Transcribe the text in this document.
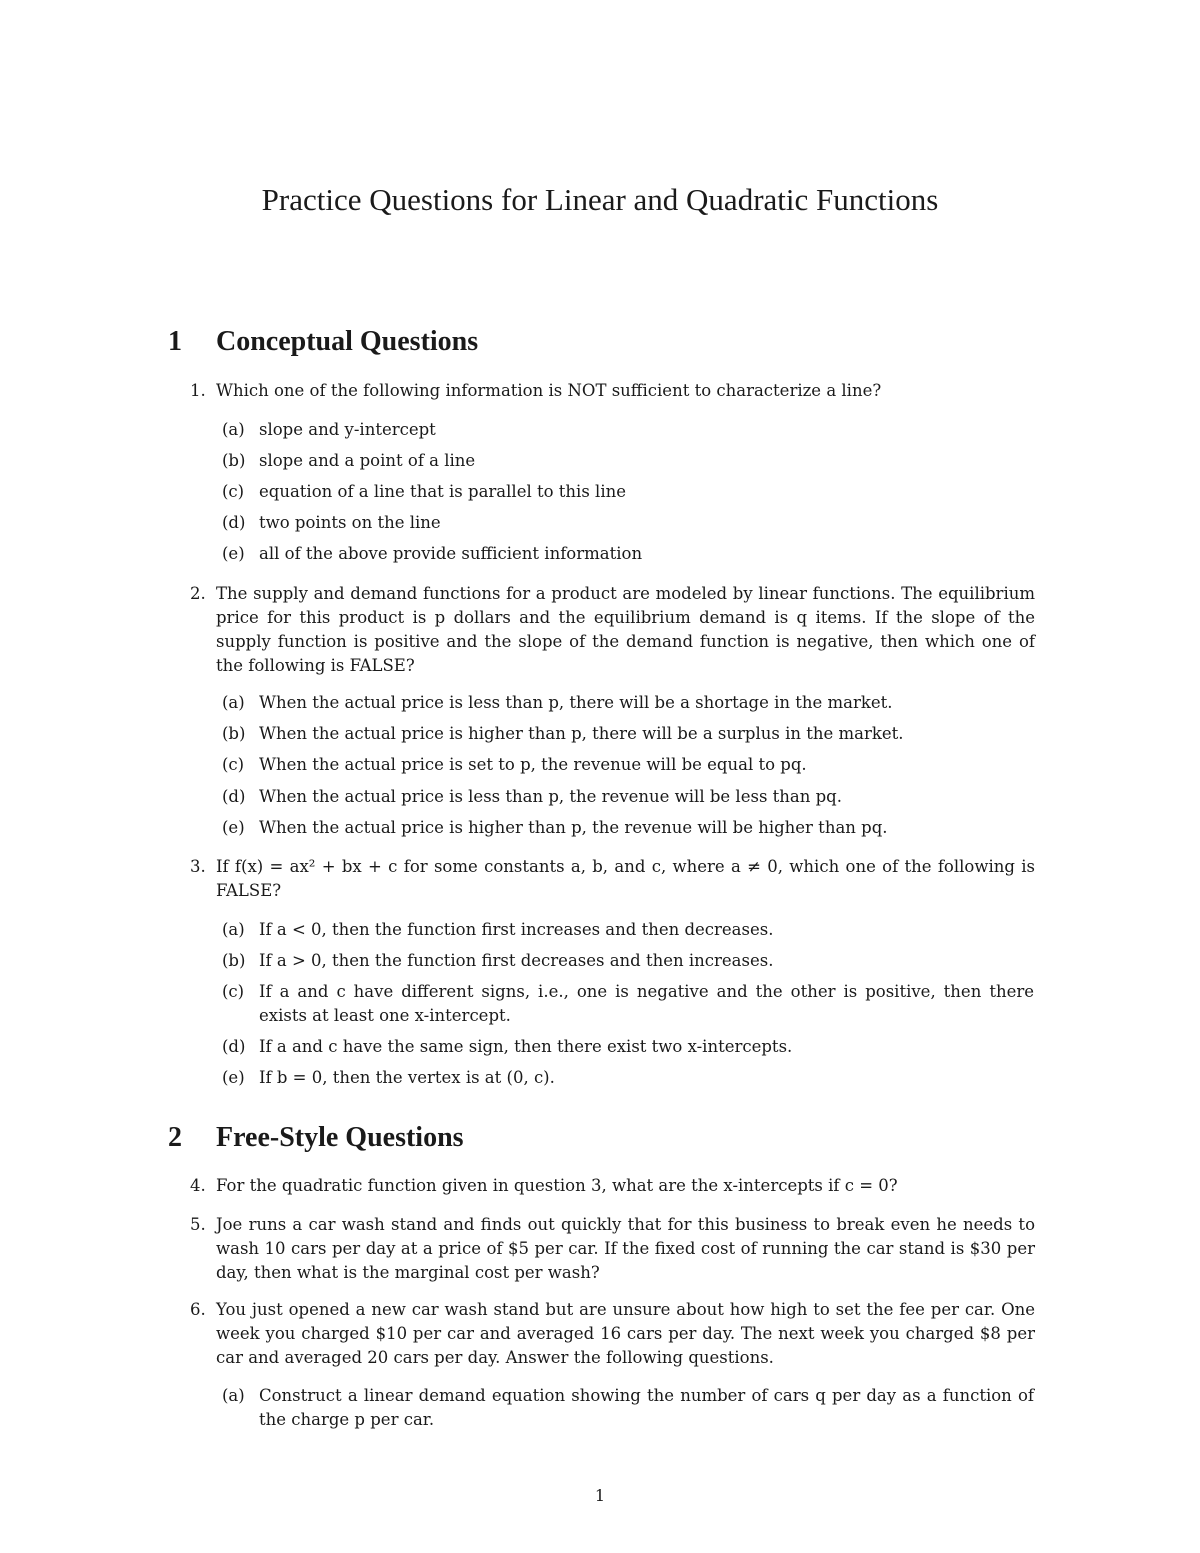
Practice Questions for Linear and Quadratic Functions
1 Conceptual Questions
1. Which one of the following information is NOT sufficient to characterize a line?
(a) slope and y-intercept
(b) slope and a point of a line
(c) equation of a line that is parallel to this line
(d) two points on the line
(e) all of the above provide sufficient information
2. The supply and demand functions for a product are modeled by linear functions. The equilibrium price for this product is p dollars and the equilibrium demand is q items. If the slope of the supply function is positive and the slope of the demand function is negative, then which one of the following is FALSE?
(a) When the actual price is less than p, there will be a shortage in the market.
(b) When the actual price is higher than p, there will be a surplus in the market.
(c) When the actual price is set to p, the revenue will be equal to pq.
(d) When the actual price is less than p, the revenue will be less than pq.
(e) When the actual price is higher than p, the revenue will be higher than pq.
3. If f(x) = ax² + bx + c for some constants a, b, and c, where a ≠ 0, which one of the following is FALSE?
(a) If a < 0, then the function first increases and then decreases.
(b) If a > 0, then the function first decreases and then increases.
(c) If a and c have different signs, i.e., one is negative and the other is positive, then there exists at least one x-intercept.
(d) If a and c have the same sign, then there exist two x-intercepts.
(e) If b = 0, then the vertex is at (0, c).
2 Free-Style Questions
4. For the quadratic function given in question 3, what are the x-intercepts if c = 0?
5. Joe runs a car wash stand and finds out quickly that for this business to break even he needs to wash 10 cars per day at a price of $5 per car. If the fixed cost of running the car stand is $30 per day, then what is the marginal cost per wash?
6. You just opened a new car wash stand but are unsure about how high to set the fee per car. One week you charged $10 per car and averaged 16 cars per day. The next week you charged $8 per car and averaged 20 cars per day. Answer the following questions.
(a) Construct a linear demand equation showing the number of cars q per day as a function of the charge p per car.
1
